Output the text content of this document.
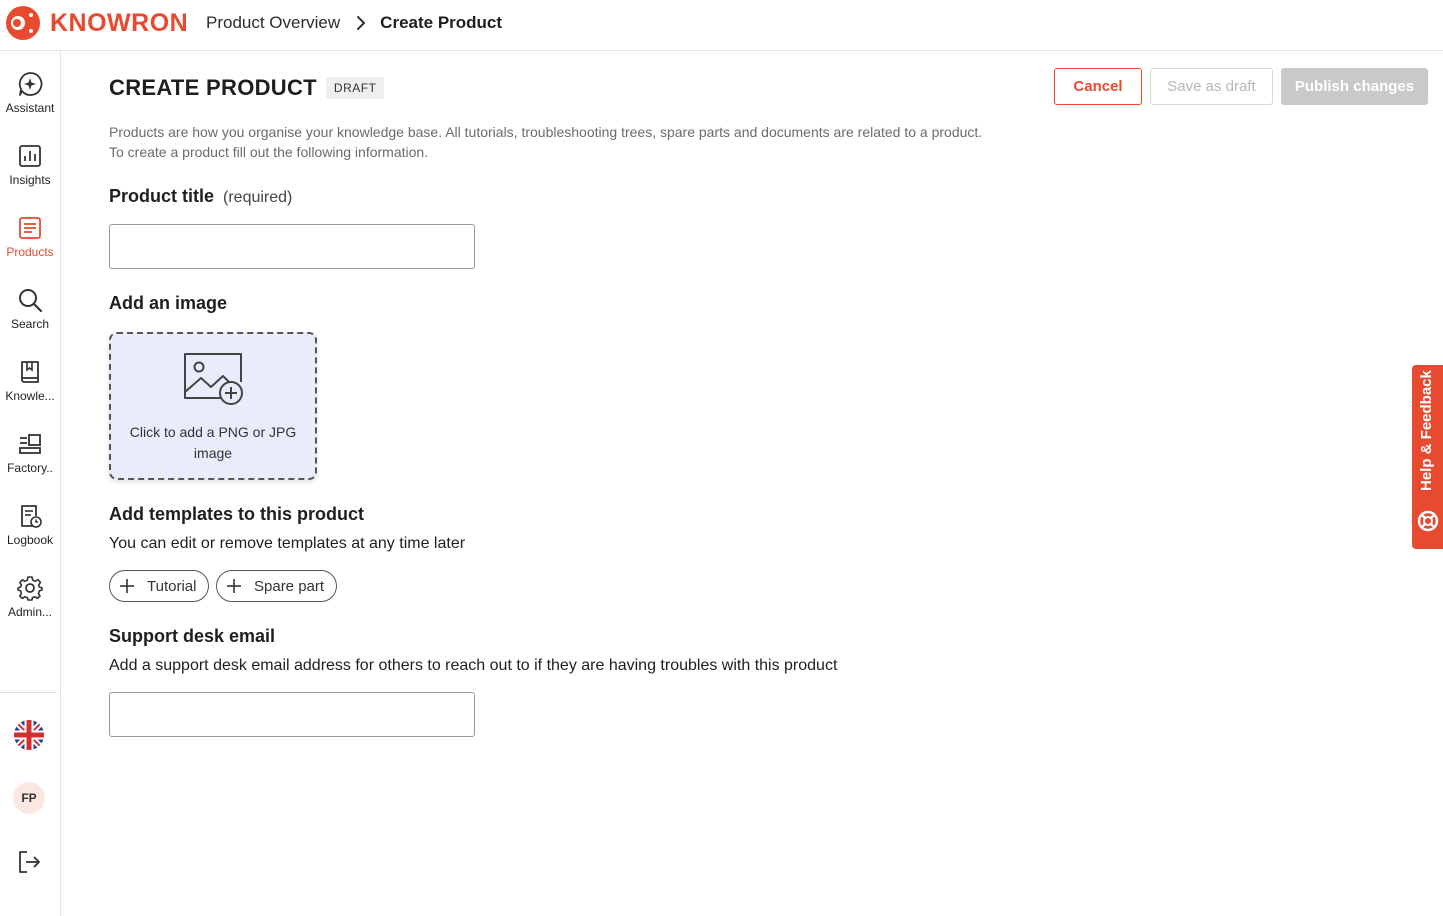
KNOWRON Product Overview Create Product
Assistant
Insights
Products
Search
Knowle...
Factory..
Logbook
Admin...
FP
CREATE PRODUCT	DRAFT	Cancel	Save as draft	Publish changes

Products are how you organise your knowledge base. All tutorials, troubleshooting trees, spare parts and documents are related to a product. To create a product fill out the following information.

Product title (required)
Add an image
Click to add a PNG or JPG image
Add templates to this product
You can edit or remove templates at any time later
Tutorial	Spare part
Support desk email
Add a support desk email address for others to reach out to if they are having troubles with this product
Help & Feedback
